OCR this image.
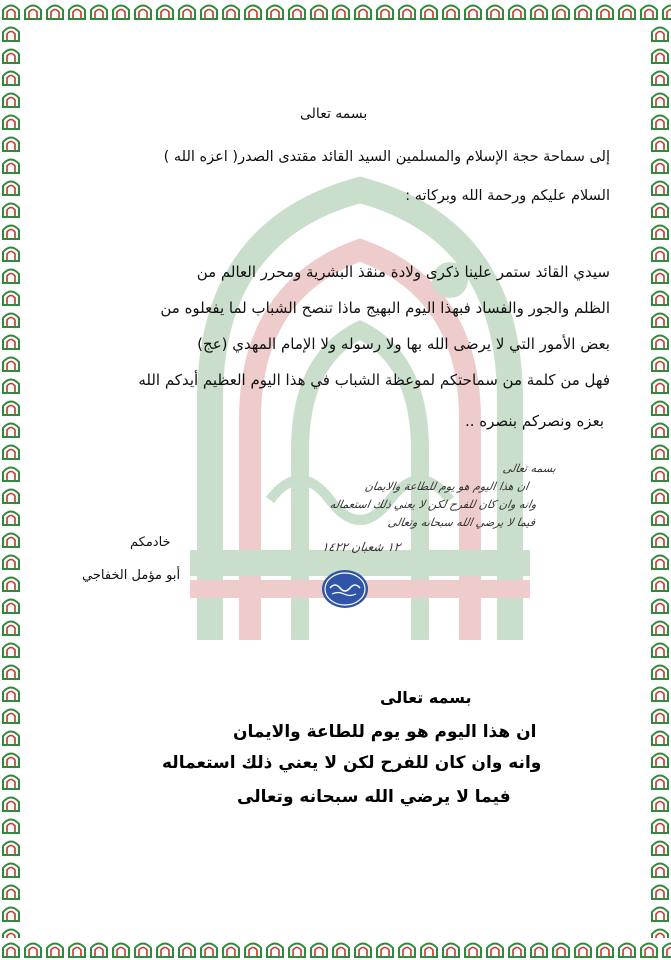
إلى سماحة حجة الإسلام والمسلمين السيد القائد مقتدى الصدر( اعزه الله )
السلام عليكم ورحمة الله وبركاته :
سيدي القائد ستمر علينا ذكرى ولادة منقذ البشرية ومحرر العالم من
الظلم والجور والفساد فبهذا اليوم البهيج ماذا تنصح الشباب لما يفعلوه من
بعض الأمور التي لا يرضى الله بها ولا رسوله ولا الإمام المهدي (عج)
فهل من كلمة من سماحتكم لموعظة الشباب في هذا اليوم العظيم أيدكم الله
بعزه ونصركم بنصره ..
بسمه تعالى
بسمه تعالى
ان هذا اليوم هو يوم للطاعة والايمان
وانه وان كان للفرح لكن لا يعني ذلك استعماله
فيما لا يرضي الله سبحانه وتعالى
١٢ شعبان ١٤٢٢
خادمكم
أبو مؤمل الخفاجي
بسمه تعالى
ان هذا اليوم هو يوم للطاعة والايمان
وانه وان كان للفرح لكن لا يعني ذلك استعماله
فيما لا يرضي الله سبحانه وتعالى
